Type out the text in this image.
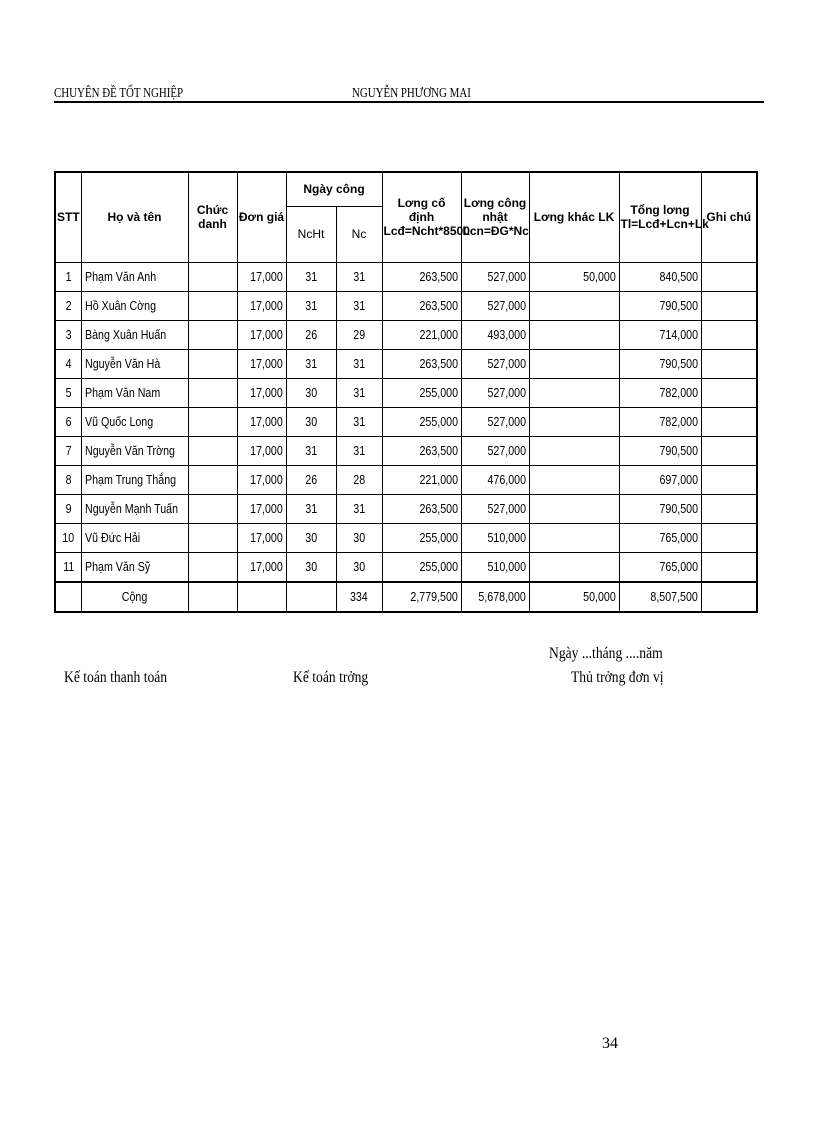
CHUYÊN ĐỀ TỐT NGHIỆP	NGUYỄN PHƯƠNG MAI
STT	Họ và tên	Chức danh	Đơn giá	Ngày công		Lơng cố định Lcđ=Ncht*8500	Lơng công nhật Lcn=ĐG*Nc	Lơng khác LK	Tổng lơng Tl=Lcđ+Lcn+Lk	Ghi chú
				NcHt	Nc					
1	Phạm Văn Anh		17,000	31	31	263,500	527,000	50,000	840,500	
2	Hồ Xuân Cờng		17,000	31	31	263,500	527,000		790,500	
3	Bàng Xuân Huấn		17,000	26	29	221,000	493,000		714,000	
4	Nguyễn Văn Hà		17,000	31	31	263,500	527,000		790,500	
5	Phạm Văn Nam		17,000	30	31	255,000	527,000		782,000	
6	Vũ Quốc Long		17,000	30	31	255,000	527,000		782,000	
7	Nguyễn Văn Trờng		17,000	31	31	263,500	527,000		790,500	
8	Phạm Trung Thắng		17,000	26	28	221,000	476,000		697,000	
9	Nguyễn Mạnh Tuấn		17,000	31	31	263,500	527,000		790,500	
10	Vũ Đức Hải		17,000	30	30	255,000	510,000		765,000	
11	Phạm Văn Sỹ		17,000	30	30	255,000	510,000		765,000	
	Cộng				334	2,779,500	5,678,000	50,000	8,507,500	
Ngày ...tháng ....năm
Kế toán thanh toán	Kế toán trởng	Thủ trởng đơn vị
34
